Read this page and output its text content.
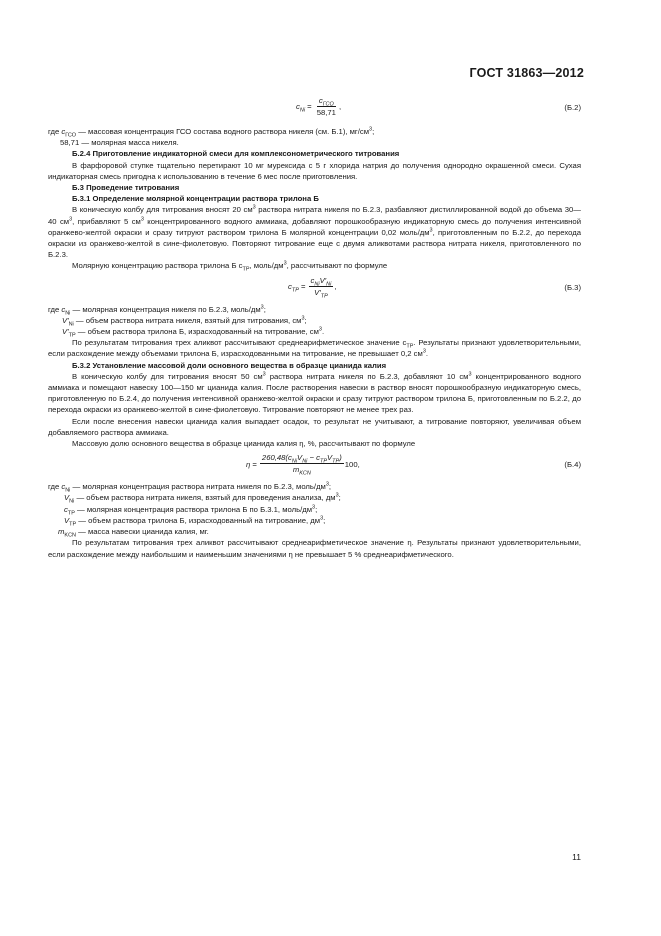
ГОСТ 31863—2012
$c_{Ni} = \frac{c_{ГСО}}{58,71}$ ,	(Б.2)

где $c_{ГСО}$ — массовая концентрация ГСО состава водного раствора никеля (см. Б.1), $мг/см^3$;

58,71 — молярная масса никеля.

Б.2.4 Приготовление индикаторной смеси для комплексонометрического титрования

В фарфоровой ступке тщательно перетирают 10 мг мурексида с 5 г хлорида натрия до получения однородно окрашенной смеси. Сухая индикаторная смесь пригодна к использованию в течение 6 мес после приготовления.

Б.3 Проведение титрования

Б.3.1 Определение молярной концентрации раствора трилона Б

В коническую колбу для титрования вносят 20 $см^3$ раствора нитрата никеля по Б.2.3, разбавляют дистиллированной водой до объема 30—40 $см^3$, прибавляют 5 $см^3$ концентрированного водного аммиака, добавляют порошкообразную индикаторную смесь до получения интенсивной оранжево-желтой окраски и сразу титруют раствором трилона Б молярной концентрации 0,02 моль/$дм^3$, приготовленным по Б.2.2, до перехода окраски из оранжево-желтой в сине-фиолетовую. Повторяют титрование еще с двумя аликвотами раствора нитрата никеля, приготовленного по Б.2.3.

Молярную концентрацию раствора трилона Б $c_{ТР}$, моль/$дм^3$, рассчитывают по формуле

$c_{ТР} = \frac{c_{Ni}V'_{Ni}}{V'_{ТР}}$ ,	(Б.3)

где $c_{Ni}$ — молярная концентрация никеля по Б.2.3, моль/$дм^3$;

$V'_{Ni}$ — объем раствора нитрата никеля, взятый для титрования, $см^3$;

$V'_{ТР}$ — объем раствора трилона Б, израсходованный на титрование, $см^3$.

По результатам титрования трех аликвот рассчитывают среднеарифметическое значение $c_{ТР}$. Результаты признают удовлетворительными, если расхождение между объемами трилона Б, израсходованными на титрование, не превышает 0,2 $см^3$.

Б.3.2 Установление массовой доли основного вещества в образце цианида калия

В коническую колбу для титрования вносят 50 $см^3$ раствора нитрата никеля по Б.2.3, добавляют 10 $см^3$ концентрированного водного аммиака и помещают навеску 100—150 мг цианида калия. После растворения навески в раствор вносят порошкообразную индикаторную смесь, приготовленную по Б.2.4, до получения интенсивной оранжево-желтой окраски и сразу титруют раствором трилона Б, приготовленным по Б.2.2, до перехода окраски из оранжево-желтой в сине-фиолетовую. Титрование повторяют не менее трех раз.

Если после внесения навески цианида калия выпадает осадок, то результат не учитывают, а титрование повторяют, увеличивая объем добавляемого раствора аммиака.

Массовую долю основного вещества в образце цианида калия η, %, рассчитывают по формуле

$\eta = \frac{260,48(c_{Ni}V_{Ni} - c_{ТР}V_{ТР})}{m_{KCN}} 100$,	(Б.4)

где $c_{Ni}$ — молярная концентрация раствора нитрата никеля по Б.2.3, моль/$дм^3$;

$V_{Ni}$ — объем раствора нитрата никеля, взятый для проведения анализа, $дм^3$;

$c_{ТР}$ — молярная концентрация раствора трилона Б по Б.3.1, моль/$дм^3$;

$V_{ТР}$ — объем раствора трилона Б, израсходованный на титрование, $дм^3$;

$m_{KCN}$ — масса навески цианида калия, мг.

По результатам титрования трех аликвот рассчитывают среднеарифметическое значение η. Результаты признают удовлетворительными, если расхождение между наибольшим и наименьшим значениями η не превышает 5 % среднеарифметического.

11
